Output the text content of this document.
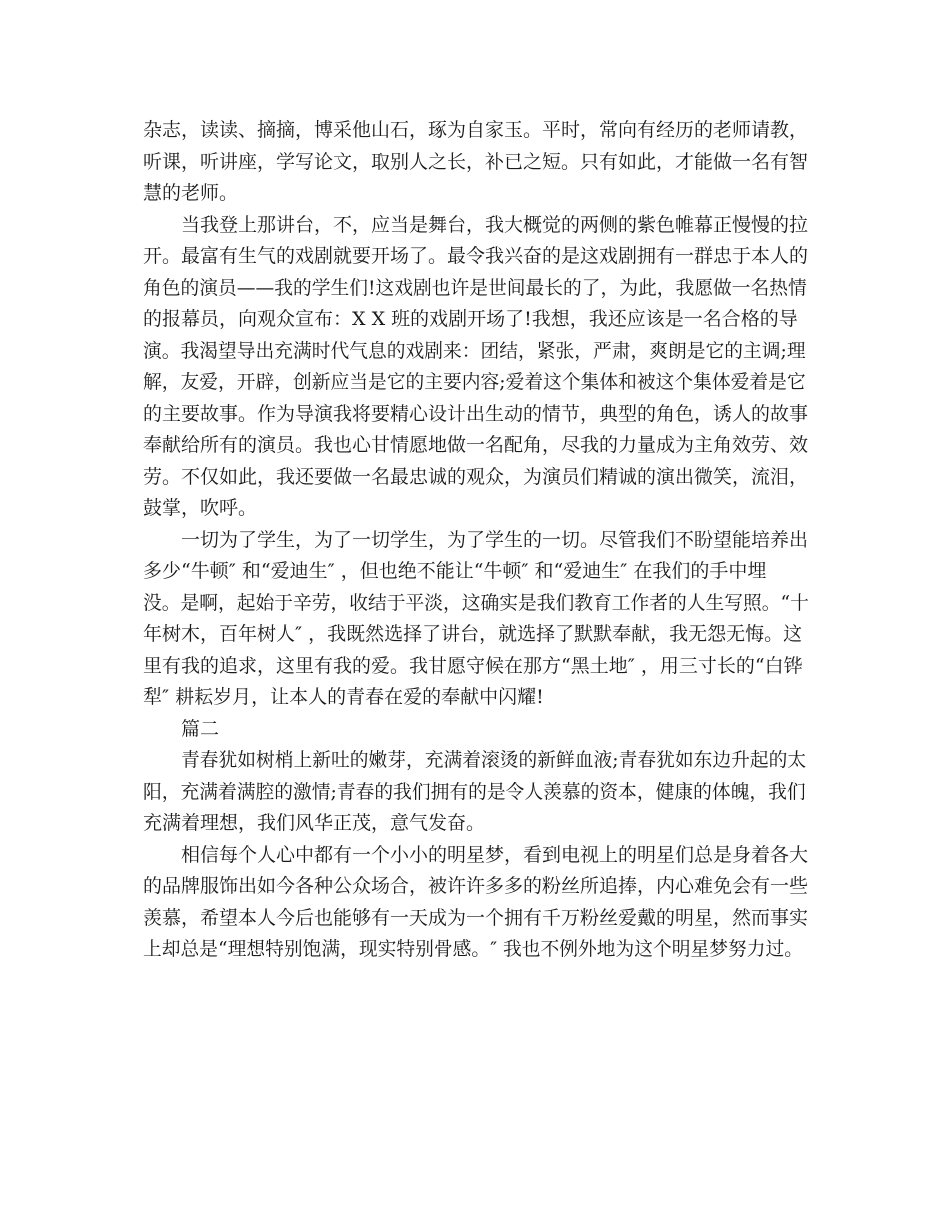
杂志，读读、摘摘，博采他山石，琢为自家玉。平时，常向有经历的老师请教，
听课，听讲座，学写论文，取别人之长，补已之短。只有如此，才能做一名有智
慧的老师。
当我登上那讲台，不，应当是舞台，我大概觉的两侧的紫色帷幕正慢慢的拉
开。最富有生气的戏剧就要开场了。最令我兴奋的是这戏剧拥有一群忠于本人的
角色的演员——我的学生们!这戏剧也许是世间最长的了，为此，我愿做一名热情
的报幕员，向观众宣布：X X 班的戏剧开场了!我想，我还应该是一名合格的导
演。我渴望导出充满时代气息的戏剧来：团结，紧张，严肃，爽朗是它的主调;理
解，友爱，开辟，创新应当是它的主要内容;爱着这个集体和被这个集体爱着是它
的主要故事。作为导演我将要精心设计出生动的情节，典型的角色，诱人的故事
奉献给所有的演员。我也心甘情愿地做一名配角，尽我的力量成为主角效劳、效
劳。不仅如此，我还要做一名最忠诚的观众，为演员们精诚的演出微笑，流泪，
鼓掌，吹呼。
一切为了学生，为了一切学生，为了学生的一切。尽管我们不盼望能培养出
多少“牛顿″ 和“爱迪生″ ，但也绝不能让“牛顿″ 和“爱迪生″ 在我们的手中埋
没。是啊，起始于辛劳，收结于平淡，这确实是我们教育工作者的人生写照。“十
年树木，百年树人″ ，我既然选择了讲台，就选择了默默奉献，我无怨无悔。这
里有我的追求，这里有我的爱。我甘愿守候在那方“黑土地″ ，用三寸长的“白铧
犁″ 耕耘岁月，让本人的青春在爱的奉献中闪耀!
篇二
青春犹如树梢上新吐的嫩芽，充满着滚烫的新鲜血液;青春犹如东边升起的太
阳，充满着满腔的激情;青春的我们拥有的是令人羡慕的资本，健康的体魄，我们
充满着理想，我们风华正茂，意气发奋。
相信每个人心中都有一个小小的明星梦，看到电视上的明星们总是身着各大
的品牌服饰出如今各种公众场合，被许许多多的粉丝所追捧，内心难免会有一些
羡慕，希望本人今后也能够有一天成为一个拥有千万粉丝爱戴的明星，然而事实
上却总是“理想特别饱满，现实特别骨感。″ 我也不例外地为这个明星梦努力过。
